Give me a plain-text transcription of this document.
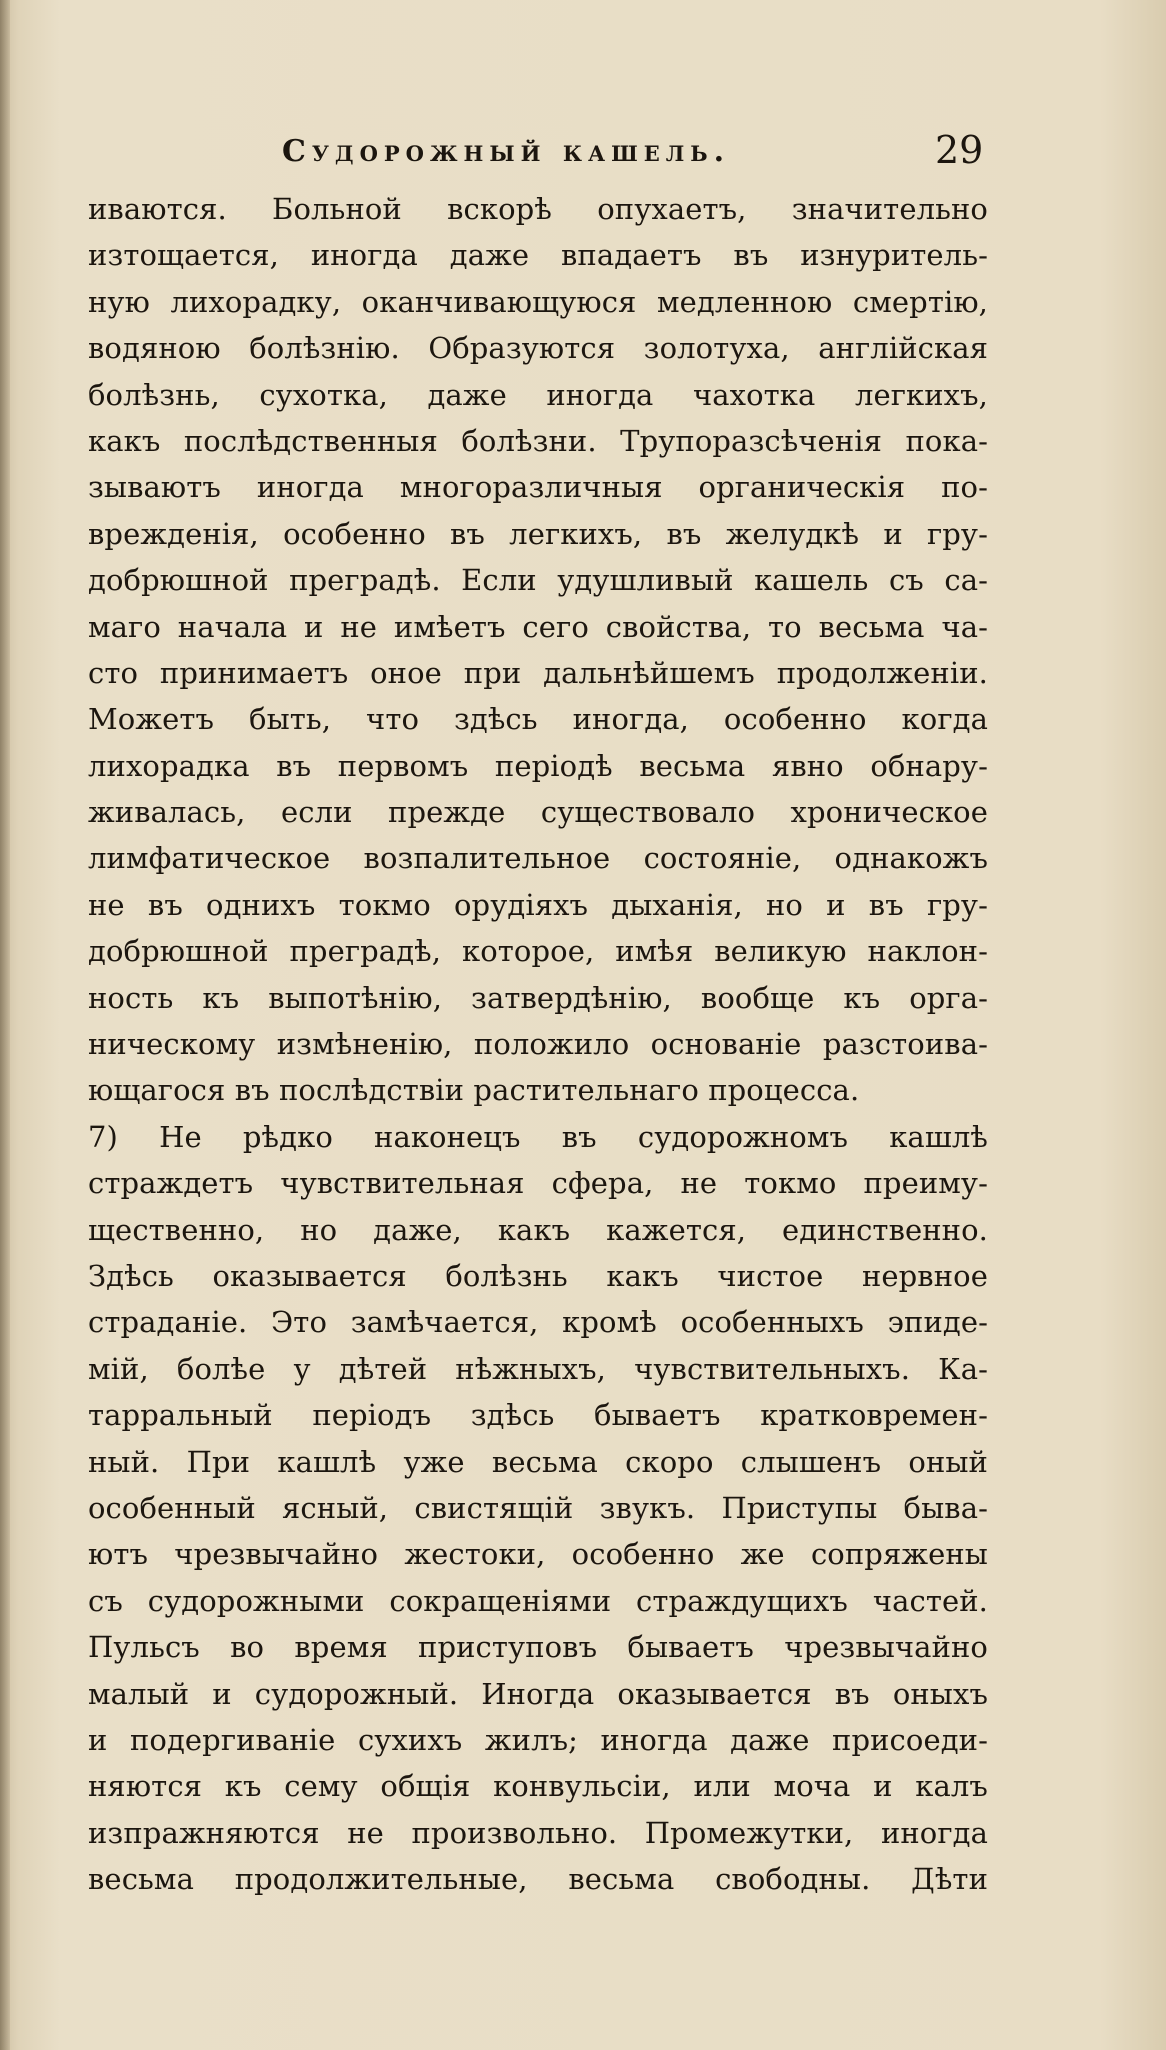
Судорожный кашель.	29
иваются. Больной вскорѣ опухаетъ, значительно
изтощается, иногда даже впадаетъ въ изнуритель-
ную лихорадку, оканчивающуюся медленною смертію,
водяною болѣзнію. Образуются золотуха, англійская
болѣзнь, сухотка, даже иногда чахотка легкихъ,
какъ послѣдственныя болѣзни. Трупоразсѣченія пока-
зываютъ иногда многоразличныя органическія по-
врежденія, особенно въ легкихъ, въ желудкѣ и гру-
добрюшной преградѣ. Если удушливый кашель съ са-
маго начала и не имѣетъ сего свойства, то весьма ча-
сто принимаетъ оное при дальнѣйшемъ продолженіи.
Можетъ быть, что здѣсь иногда, особенно когда
лихорадка въ первомъ періодѣ весьма явно обнару-
живалась, если прежде существовало хроническое
лимфатическое возпалительное состояніе, однакожъ
не въ однихъ токмо орудіяхъ дыханія, но и въ гру-
добрюшной преградѣ, которое, имѣя великую наклон-
ность къ выпотѣнію, затвердѣнію, вообще къ орга-
ническому измѣненію, положило основаніе разстоива-
ющагося въ послѣдствіи растительнаго процесса.
7) Не рѣдко наконецъ въ судорожномъ кашлѣ
страждетъ чувствительная сфера, не токмо преиму-
щественно, но даже, какъ кажется, единственно.
Здѣсь оказывается болѣзнь какъ чистое нервное
страданіе. Это замѣчается, кромѣ особенныхъ эпиде-
мій, болѣе у дѣтей нѣжныхъ, чувствительныхъ. Ка-
тарральный періодъ здѣсь бываетъ кратковремен-
ный. При кашлѣ уже весьма скоро слышенъ оный
особенный ясный, свистящій звукъ. Приступы быва-
ютъ чрезвычайно жестоки, особенно же сопряжены
съ судорожными сокращеніями страждущихъ частей.
Пульсъ во время приступовъ бываетъ чрезвычайно
малый и судорожный. Иногда оказывается въ оныхъ
и подергиваніе сухихъ жилъ; иногда даже присоеди-
няются къ сему общія конвульсіи, или моча и калъ
изпражняются не произвольно. Промежутки, иногда
весьма продолжительные, весьма свободны. Дѣти
